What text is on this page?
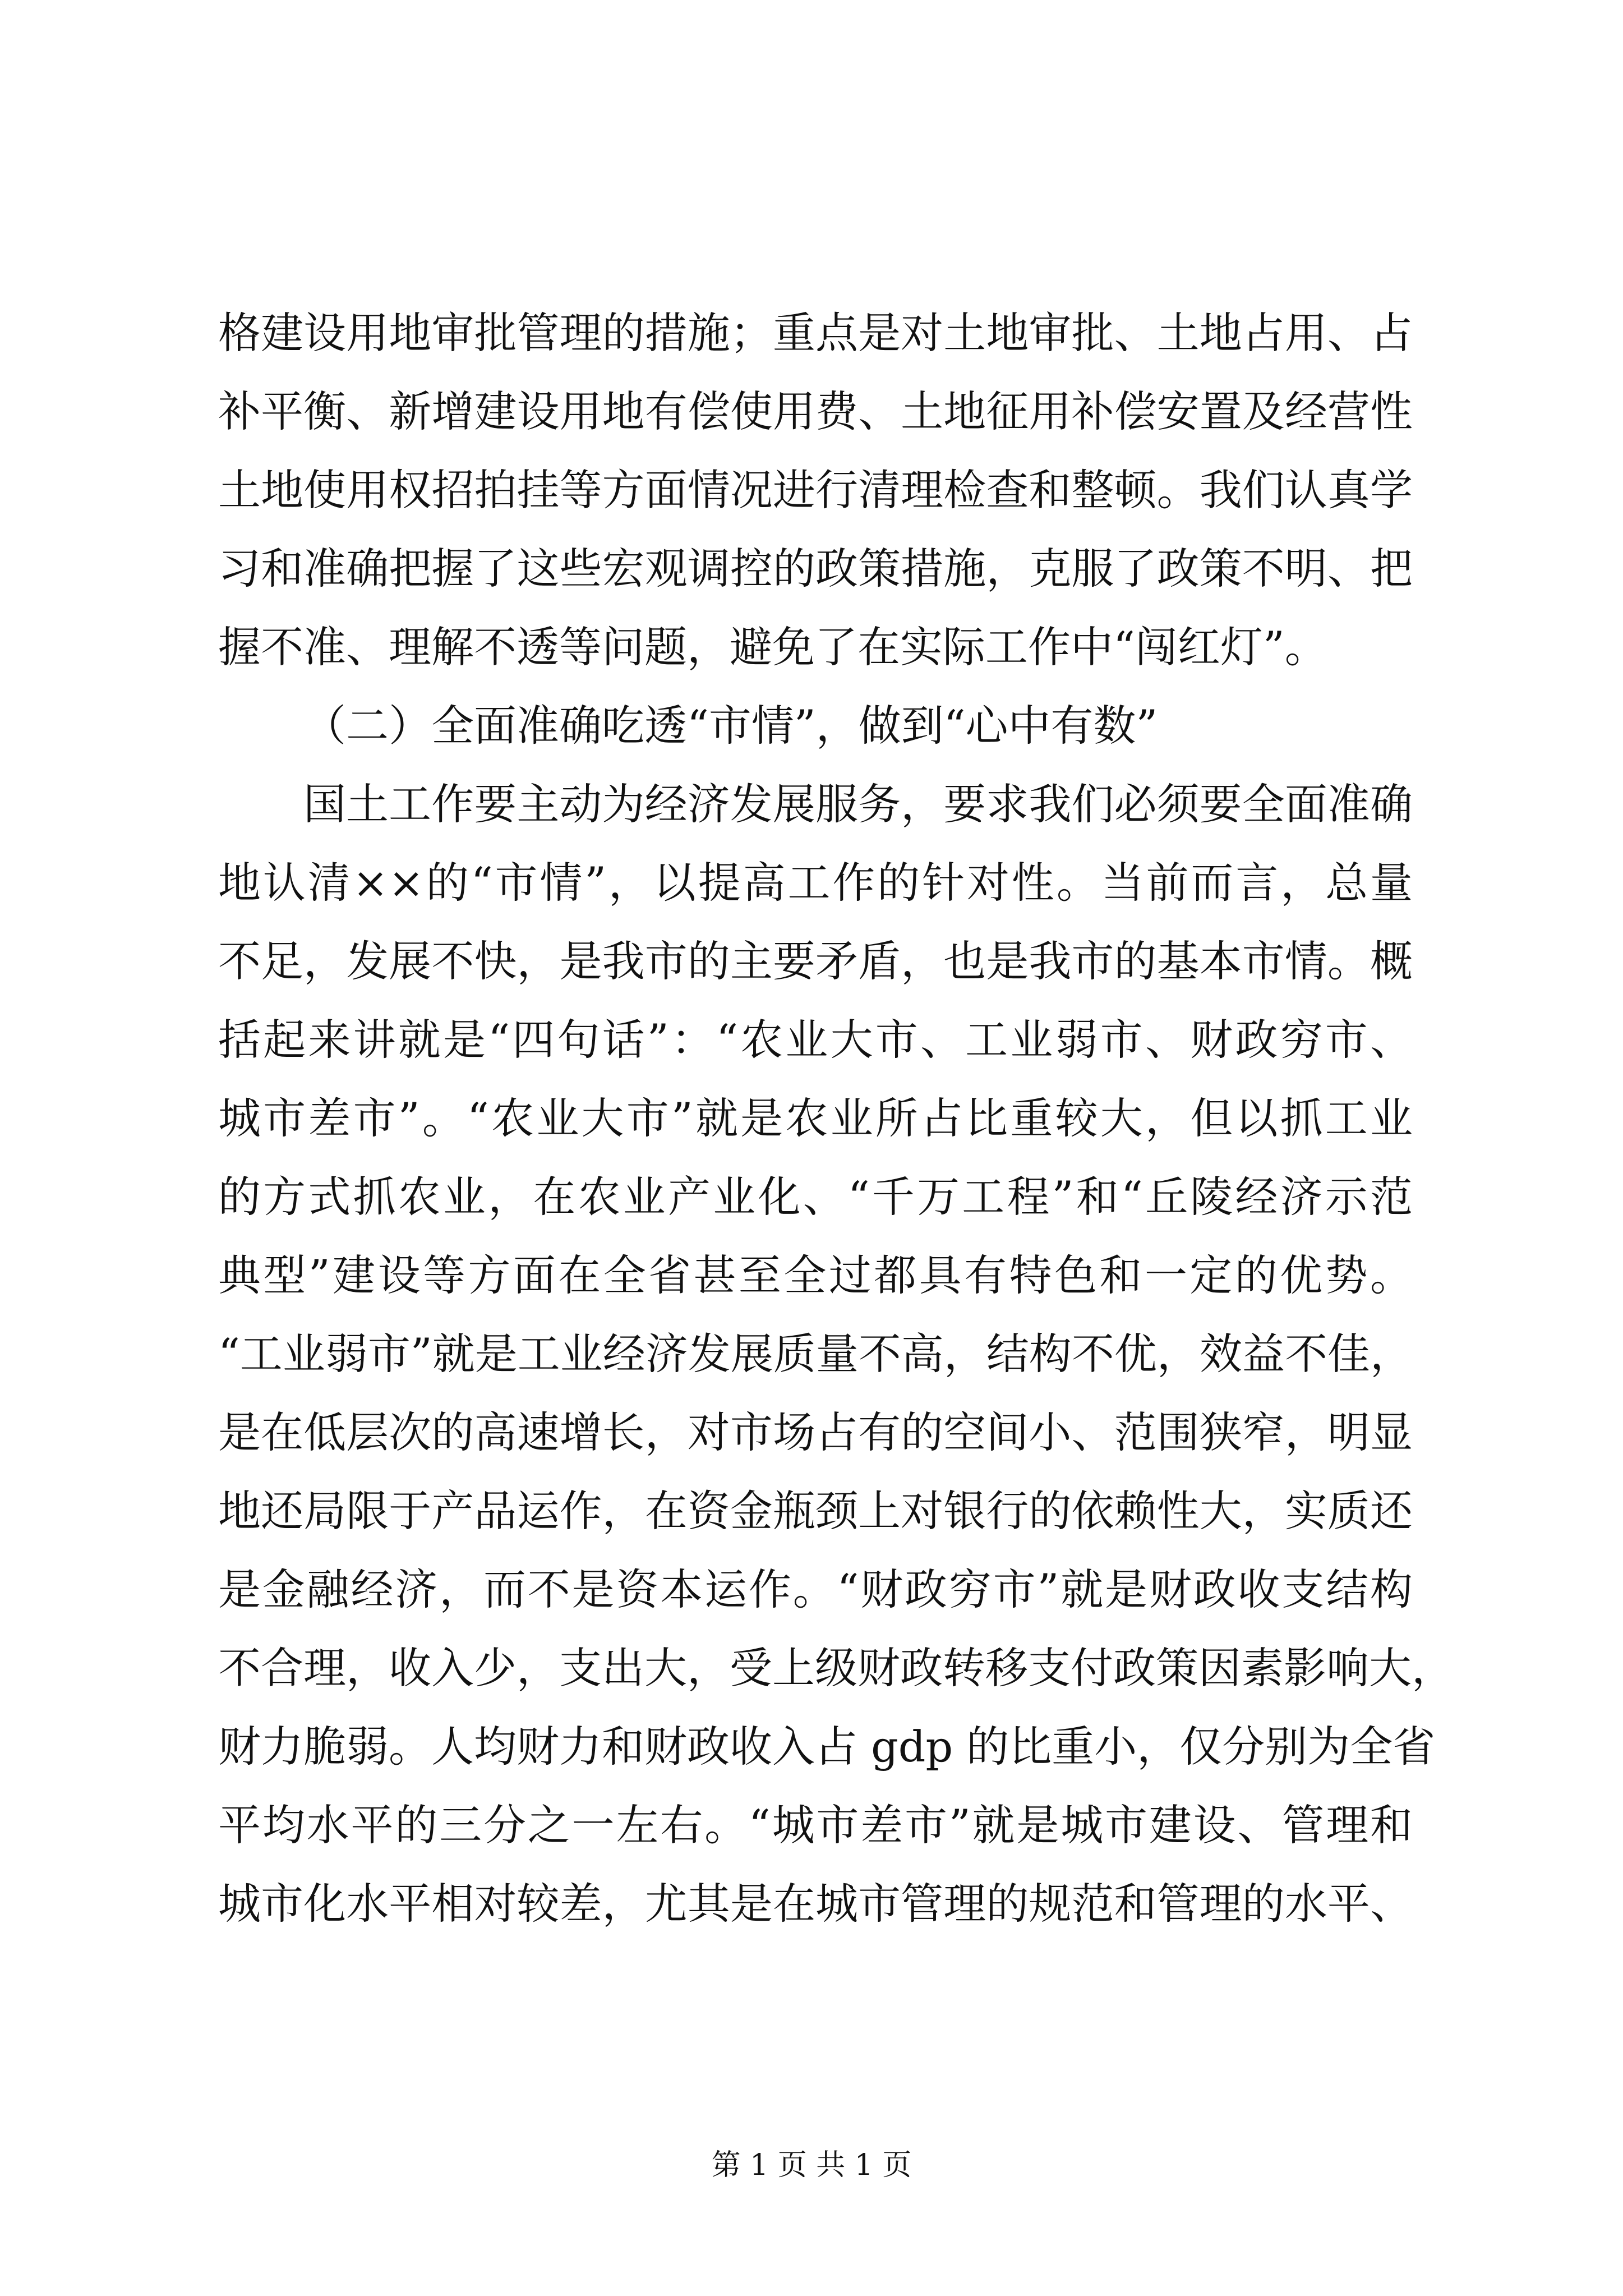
格建设用地审批管理的措施；重点是对土地审批、土地占用、占
补平衡、新增建设用地有偿使用费、土地征用补偿安置及经营性
土地使用权招拍挂等方面情况进行清理检查和整顿。我们认真学
习和准确把握了这些宏观调控的政策措施，克服了政策不明、把
握不准、理解不透等问题，避免了在实际工作中“闯红灯”。
（二）全面准确吃透“市情”，做到“心中有数”
国土工作要主动为经济发展服务，要求我们必须要全面准确
地认清××的“市情”，以提高工作的针对性。当前而言，总量
不足，发展不快，是我市的主要矛盾，也是我市的基本市情。概
括起来讲就是“四句话”：“农业大市、工业弱市、财政穷市、
城市差市”。“农业大市”就是农业所占比重较大，但以抓工业
的方式抓农业，在农业产业化、“千万工程”和“丘陵经济示范
典型”建设等方面在全省甚至全过都具有特色和一定的优势。
“工业弱市”就是工业经济发展质量不高，结构不优，效益不佳，
是在低层次的高速增长，对市场占有的空间小、范围狭窄，明显
地还局限于产品运作，在资金瓶颈上对银行的依赖性大，实质还
是金融经济，而不是资本运作。“财政穷市”就是财政收支结构
不合理，收入少，支出大，受上级财政转移支付政策因素影响大，
财力脆弱。人均财力和财政收入占 gdp 的比重小，仅分别为全省
平均水平的三分之一左右。“城市差市”就是城市建设、管理和
城市化水平相对较差，尤其是在城市管理的规范和管理的水平、
第 1 页 共 1 页
